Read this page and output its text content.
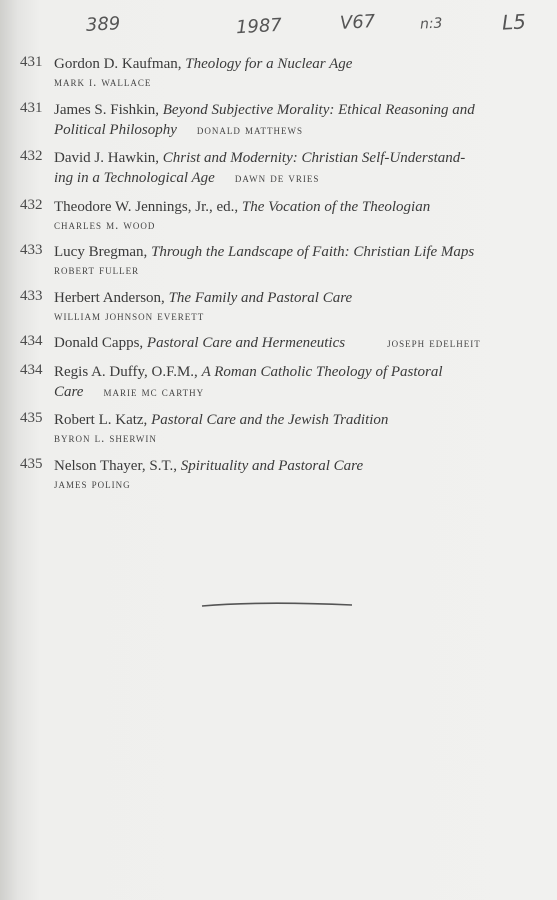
389	1987	V67	n:3	L5
431 Gordon D. Kaufman, Theology for a Nuclear Age
mark i. wallace
431 James S. Fishkin, Beyond Subjective Morality: Ethical Reasoning and
Political Philosophy donald matthews
432 David J. Hawkin, Christ and Modernity: Christian Self-Understand-
ing in a Technological Age dawn de vries
432 Theodore W. Jennings, Jr., ed., The Vocation of the Theologian
charles m. wood
433 Lucy Bregman, Through the Landscape of Faith: Christian Life Maps
robert fuller
433 Herbert Anderson, The Family and Pastoral Care
william johnson everett
434 Donald Capps, Pastoral Care and Hermeneutics	joseph edelheit
434 Regis A. Duffy, O.F.M., A Roman Catholic Theology of Pastoral
Care marie mc carthy
435 Robert L. Katz, Pastoral Care and the Jewish Tradition
byron l. sherwin
435 Nelson Thayer, S.T., Spirituality and Pastoral Care
james poling
